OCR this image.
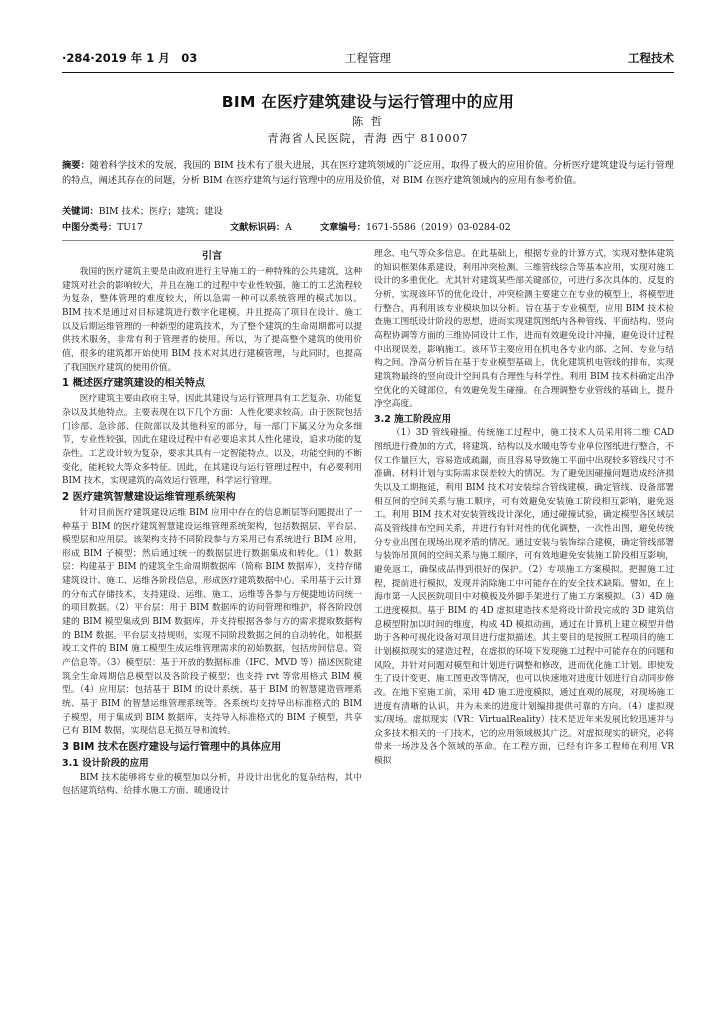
·284·2019 年 1 月　03	工程管理	工程技术
BIM 在医疗建筑建设与运行管理中的应用
陈 哲
青海省人民医院，青海 西宁 810007
摘要：随着科学技术的发展，我国的 BIM 技术有了很大进展，其在医疗建筑领域的广泛应用，取得了极大的应用价值。分析医疗建筑建设与运行管理的特点，阐述其存在的问题，分析 BIM 在医疗建筑与运行管理中的应用及价值，对 BIM 在医疗建筑领域内的应用有参考价值。
关键词：BIM 技术；医疗；建筑；建设
中图分类号：TU17	文献标识码：A	文章编号：1671-5586（2019）03-0284-02
引言

我国的医疗建筑主要是由政府进行主导施工的一种特殊的公共建筑，这种建筑对社会的影响较大，并且在施工的过程中专业性较强，施工的工艺流程较为复杂，整体管理的难度较大，所以急需一种可以系统管理的模式加以。BIM 技术是通过对目标建筑进行数字化建模，并且提高了项目在设计、施工以及后期运维管理的一种新型的建筑技术，为了整个建筑的生命周期都可以提供技术服务，非常有利于管理者的使用。所以，为了提高整个建筑的使用价值，很多的建筑都开始使用 BIM 技术对其进行建模管理，与此同时，也提高了我国医疗建筑的使用价值。

1 概述医疗建筑建设的相关特点

医疗建筑主要由政府主导，因此其建设与运行管理具有工艺复杂、功能复杂以及其他特点。主要表现在以下几个方面：人性化要求较高。由于医院包括门诊部、急诊部、住院部以及其他科室的部分，每一部门下属又分为众多细节，专业性较强，因此在建设过程中有必要追求其人性化建设，追求功能的复杂性。工艺设计较为复杂，要求其具有一定智能特点。以及，功能空间的不断变化，能耗较大等众多特征。因此，在其建设与运行管理过程中，有必要利用 BIM 技术，实现建筑的高效运行管理，科学运行管理。

2 医疗建筑智慧建设运维管理系统架构

针对目前医疗建筑建设运维 BIM 应用中存在的信息断层等问题提出了一种基于 BIM 的医疗建筑智慧建设运维管理系统架构，包括数据层、平台层、模型层和应用层。该架构支持不同阶段参与方采用已有系统进行 BIM 应用，形成 BIM 子模型；然后通过统一的数据层进行数据集成和转化。（1）数据层：构建基于 BIM 的建筑全生命周期数据库（简称 BIM 数据库），支持存储建筑设计、施工、运维各阶段信息，形成医疗建筑数据中心。采用基于云计算的分布式存储技术，支持建设、运维、施工、运维等各参与方便捷地访问统一的项目数据。（2）平台层：用于 BIM 数据库的访问管理和维护，将各阶段创建的 BIM 模型集成到 BIM 数据库，并支持根据各参与方的需求提取数据构的 BIM 数据。平台层支持规则，实现不同阶段数据之间的自动转化，如根据竣工文件的 BIM 施工模型生成运维管理需求的初始数据，包括房间信息、资产信息等。（3）模型层：基于开放的数据标准（IFC、MVD 等）描述医院建筑全生命周期信息模型以及各阶段子模型；也支持 rvt 等常用格式 BIM 模型。（4）应用层：包括基于 BIM 的设计系统、基于 BIM 的智慧建造管理系统、基于 BIM 的智慧运维管理系统等。各系统均支持导出标准格式的 BIM 子模型，用于集成到 BIM 数据库，支持导入标准格式的 BIM 子模型，共享已有 BIM 数据，实现信息无损互导和流转。

3 BIM 技术在医疗建设与运行管理中的具体应用
3.1 设计阶段的应用

BIM 技术能够将专业的模型加以分析，并设计出优化的复杂结构，其中包括建筑结构、给排水施工方面、暖通设计

理念、电气等众多信息。在此基础上，根据专业的计算方式，实现对整体建筑的知识框架体系建设，利用冲突检测、三维管线综合等基本应用，实现对施工设计的多重优化。尤其针对建筑某些部关键部位，可进行多次具体的、反复的分析，实现该环节的优化设计，冲突检测主要建立在专业的模型上，将模型进行整合，再利用该专业模块加以分析。旨在基于专业模型，应用 BIM 技术检查施工图纸设计阶段的思想，进而实现建筑图纸内各种管线、平面结构、竖向高程协调等方面的三维协同设计工作，进而有效避免设计冲撞，避免设计过程中出现误差，影响施工。该环节主要应用在机电各专业内部、之间、专业与结构之间。净高分析旨在基于专业模型基础上，优化建筑机电管线的排布，实现建筑物最终的竖向设计空间具有合理性与科学性。利用 BIM 技术科确定出净空优化的关键部位，有效避免发生碰撞。在合理调整专业管线的基础上，提升净空高度。

3.2 施工阶段应用

（1）3D 管线碰撞。传统施工过程中，施工技术人员采用将二维 CAD 图纸进行叠加的方式，将建筑、结构以及水暖电等专业单位图纸进行整合，不仅工作量巨大，容易造成疏漏，而且容易导致施工平面中出现较多管线尺寸不准确、材料计划与实际需求误差较大的情况。为了避免因碰撞问题造成经济损失以及工期拖延，利用 BIM 技术对安装综合管线建模，确定管线、设备部署相互间的空间关系与施工顺序，可有效避免安装施工阶段相互影响，避免返工。利用 BIM 技术对安装管线设计深化，通过碰撞试验，确定模型各区域层高及管线排布空间关系，并进行有针对性的优化调整，一次性出图，避免传统分专业出图在现场出现矛盾的情况。通过安装与装饰综合建模，确定管线部署与装饰吊顶间的空间关系与施工顺序，可有效地避免安装施工阶段相互影响，避免返工，确保成品得到很好的保护。（2）专项施工方案模拟。把握施工过程，提前进行模拟，发现并消除施工中可能存在的安全技术缺陷。譬如，在上海市第一人民医院项目中对模板及外脚手架进行了施工方案模拟。（3）4D 施工进度模拟。基于 BIM 的 4D 虚拟建造技术是将设计阶段完成的 3D 建筑信息模型附加以时间的维度，构成 4D 模拟动画，通过在计算机上建立模型并借助于各种可视化设备对项目进行虚拟描述。其主要目的是按照工程项目的施工计划模拟现实的建造过程，在虚拟的环境下发现施工过程中可能存在的问题和风险，并针对问题对模型和计划进行调整和修改，进而优化施工计划。即使发生了设计变更、施工图更改等情况，也可以快速地对进度计划进行自动同步修改。在地下室施工前，采用 4D 施工进度模拟，通过直观的展现，对现场施工进度有清晰的认识，并为未来的进度计划编排提供可靠的方向。（4）虚拟现实/现场。虚拟现实（VR：VirtualReality）技术是近年来发展比较迅速并与众多技术相关的一门技术，它的应用领域极其广泛。对虚拟现实的研究，必将带来一场涉及各个领域的革命。在工程方面，已经有许多工程师在利用 VR 模拟
